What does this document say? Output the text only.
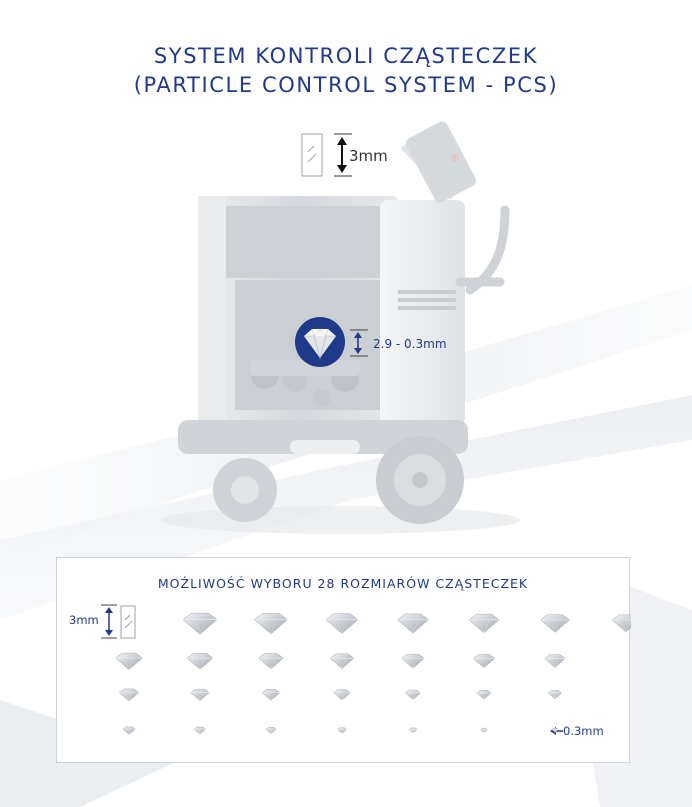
SYSTEM KONTROLI CZĄSTECZEK
(PARTICLE CONTROL SYSTEM - PCS)
3mm
2.9 - 0.3mm
MOŻLIWOŚĆ WYBORU 28 ROZMIARÓW CZĄSTECZEK
3mm
0.3mm
